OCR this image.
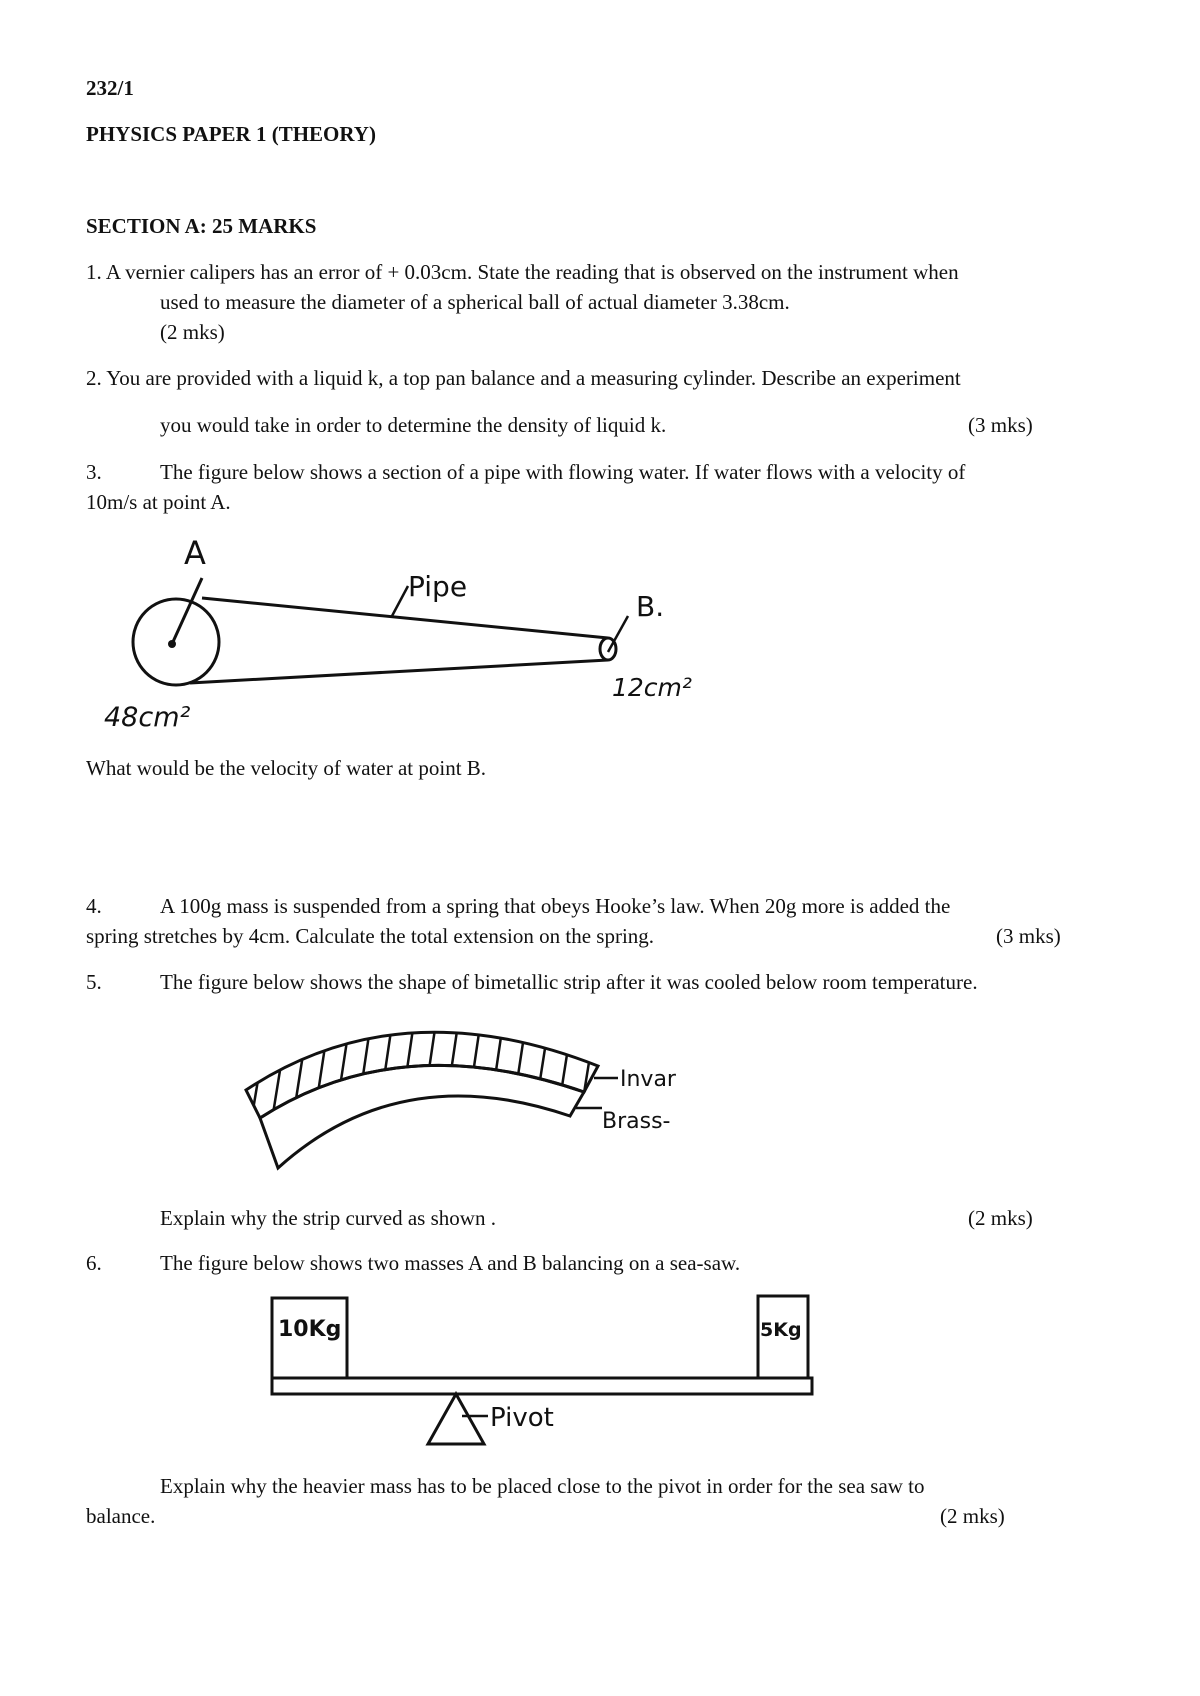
232/1
PHYSICS PAPER 1 (THEORY)
SECTION A: 25 MARKS
1. A vernier calipers has an error of + 0.03cm. State the reading that is observed on the instrument when
used to measure the diameter of a spherical ball of actual diameter 3.38cm.
(2 mks)
2. You are provided with a liquid k, a top pan balance and a measuring cylinder. Describe an experiment
you would take in order to determine the density of liquid k.	(3 mks)
3.	The figure below shows a section of a pipe with flowing water. If water flows with a velocity of
10m/s at point A.
A
Pipe
B.
48cm²
12cm²
What would be the velocity of water at point B.
4.	A 100g mass is suspended from a spring that obeys Hooke’s law. When 20g more is added the
spring stretches by 4cm. Calculate the total extension on the spring.	(3 mks)
5.	The figure below shows the shape of bimetallic strip after it was cooled below room temperature.
Invar
Brass-
Explain why the strip curved as shown .	(2 mks)
6.	The figure below shows two masses A and B balancing on a sea-saw.
10Kg	5Kg
Pivot
Explain why the heavier mass has to be placed close to the pivot in order for the sea saw to
balance.	(2 mks)
